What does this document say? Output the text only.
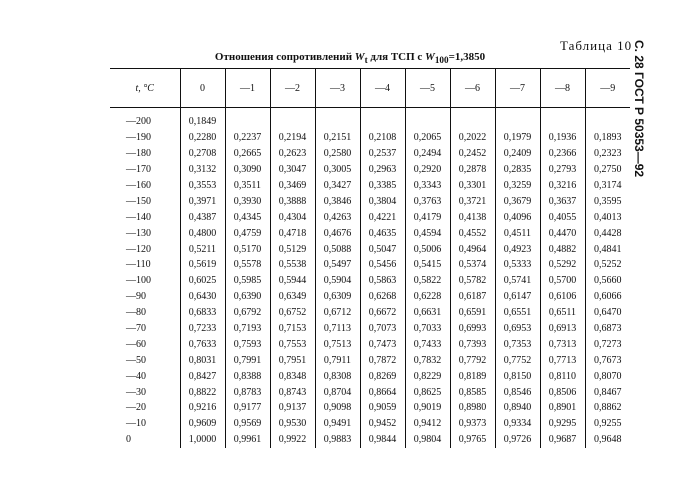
Таблица 10
Отношения сопротивлений $W_t$ для ТСП с $W_{100}=1,3850$	С. 28 ГОСТ Р 50353—92
t, °C	0	—1	—2	—3	—4	—5	—6	—7	—8	—9
—200	0,1849									
—190	0,2280	0,2237	0,2194	0,2151	0,2108	0,2065	0,2022	0,1979	0,1936	0,1893
—180	0,2708	0,2665	0,2623	0,2580	0,2537	0,2494	0,2452	0,2409	0,2366	0,2323
—170	0,3132	0,3090	0,3047	0,3005	0,2963	0,2920	0,2878	0,2835	0,2793	0,2750
—160	0,3553	0,3511	0,3469	0,3427	0,3385	0,3343	0,3301	0,3259	0,3216	0,3174
—150	0,3971	0,3930	0,3888	0,3846	0,3804	0,3763	0,3721	0,3679	0,3637	0,3595
—140	0,4387	0,4345	0,4304	0,4263	0,4221	0,4179	0,4138	0,4096	0,4055	0,4013
—130	0,4800	0,4759	0,4718	0,4676	0,4635	0,4594	0,4552	0,4511	0,4470	0,4428
—120	0,5211	0,5170	0,5129	0,5088	0,5047	0,5006	0,4964	0,4923	0,4882	0,4841
—110	0,5619	0,5578	0,5538	0,5497	0,5456	0,5415	0,5374	0,5333	0,5292	0,5252
—100	0,6025	0,5985	0,5944	0,5904	0,5863	0,5822	0,5782	0,5741	0,5700	0,5660
—90	0,6430	0,6390	0,6349	0,6309	0,6268	0,6228	0,6187	0,6147	0,6106	0,6066
—80	0,6833	0,6792	0,6752	0,6712	0,6672	0,6631	0,6591	0,6551	0,6511	0,6470
—70	0,7233	0,7193	0,7153	0,7113	0,7073	0,7033	0,6993	0,6953	0,6913	0,6873
—60	0,7633	0,7593	0,7553	0,7513	0,7473	0,7433	0,7393	0,7353	0,7313	0,7273
—50	0,8031	0,7991	0,7951	0,7911	0,7872	0,7832	0,7792	0,7752	0,7713	0,7673
—40	0,8427	0,8388	0,8348	0,8308	0,8269	0,8229	0,8189	0,8150	0,8110	0,8070
—30	0,8822	0,8783	0,8743	0,8704	0,8664	0,8625	0,8585	0,8546	0,8506	0,8467
—20	0,9216	0,9177	0,9137	0,9098	0,9059	0,9019	0,8980	0,8940	0,8901	0,8862
—10	0,9609	0,9569	0,9530	0,9491	0,9452	0,9412	0,9373	0,9334	0,9295	0,9255
0	1,0000	0,9961	0,9922	0,9883	0,9844	0,9804	0,9765	0,9726	0,9687	0,9648
